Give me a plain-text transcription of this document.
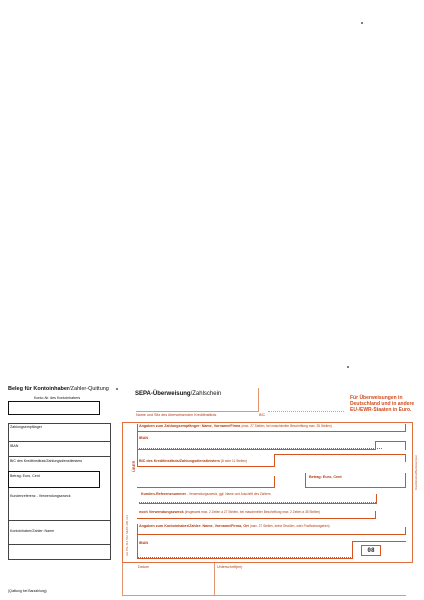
Beleg für Kontoinhaber/Zahler-Quittung
Konto-Nr. des Kontoinhabers
Zahlungsempfänger
IBAN
BIC des Kreditinstituts/Zahlungsdienstleisters
Betrag: Euro, Cent
Kundenreferenz - Verwendungszweck
Kontoinhaber/Zahler: Name
(Quittung bei Barzahlung)
SEPA-Überweisung/Zahlschein
Für Überweisungen in Deutschland und in andere EU-/EWR-Staaten in Euro.
Name und Sitz des überweisenden Kreditinstituts	BIC
Angaben zum Zahlungsempfänger: Name, Vorname/Firma (max. 27 Stellen, bei maschineller Beschriftung max. 35 Stellen)
IBAN
BIC des Kreditinstituts/Zahlungsdienstleisters (8 oder 11 Stellen)
Betrag: Euro, Cent
Kunden-Referenznummer - Verwendungszweck, ggf. Name und Anschrift des Zahlers
noch Verwendungszweck (insgesamt max. 2 Zeilen à 27 Stellen, bei maschineller Beschriftung max. 2 Zeilen à 35 Stellen)
Angaben zum Kontoinhaber/Zahler: Name, Vorname/Firma, Ort (max. 27 Stellen, keine Straßen- oder Postfachangaben)
IBAN
08
Datum	Unterschrift(en)
AH Pfe 113 512 SEPA 400 114
ÜBER	Kreditinstitut/Bankstempel
